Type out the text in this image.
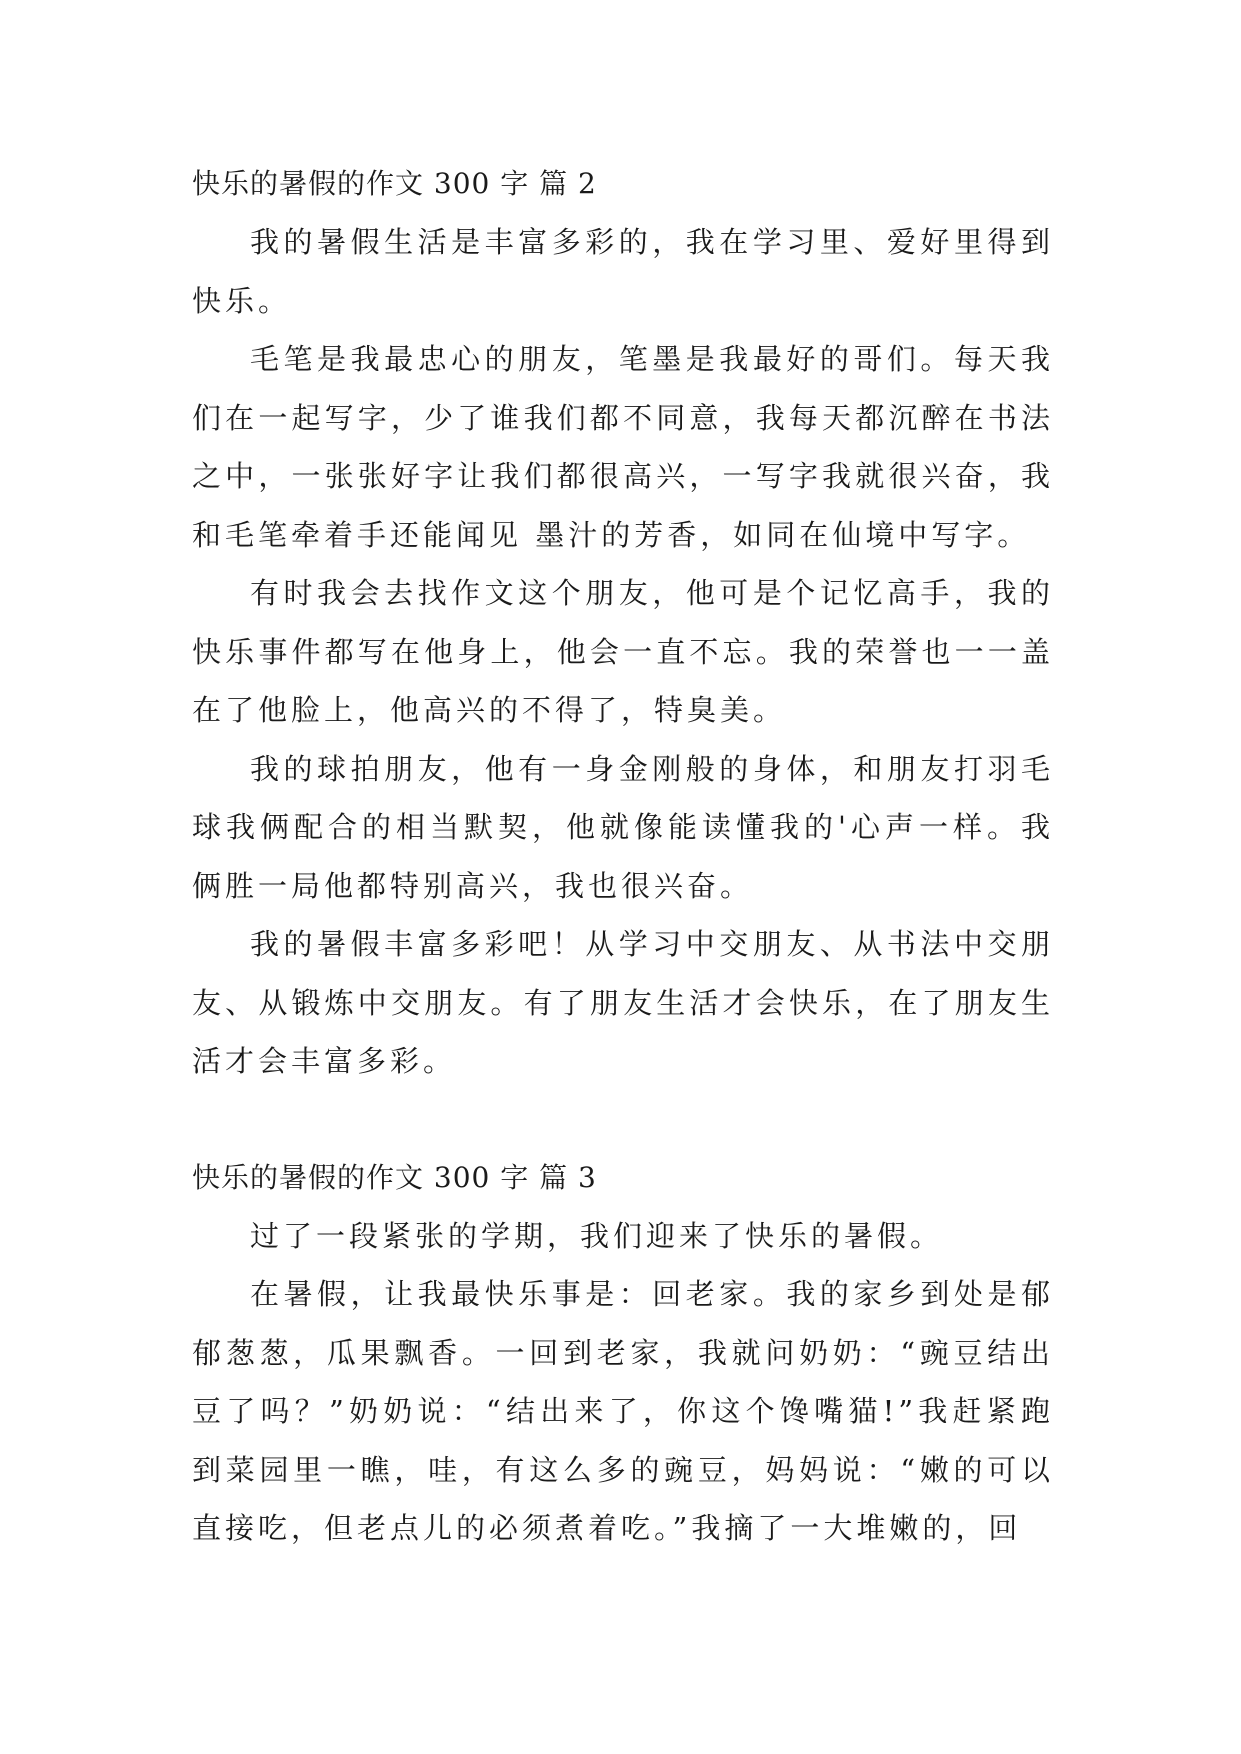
快乐的暑假的作文 300 字 篇 2

我的暑假生活是丰富多彩的，我在学习里、爱好里得到快乐。

毛笔是我最忠心的朋友，笔墨是我最好的哥们。每天我们在一起写字，少了谁我们都不同意，我每天都沉醉在书法之中，一张张好字让我们都很高兴，一写字我就很兴奋，我和毛笔牵着手还能闻见 墨汁的芳香，如同在仙境中写字。

有时我会去找作文这个朋友，他可是个记忆高手，我的快乐事件都写在他身上，他会一直不忘。我的荣誉也一一盖在了他脸上，他高兴的不得了，特臭美。

我的球拍朋友，他有一身金刚般的身体，和朋友打羽毛球我俩配合的相当默契，他就像能读懂我的'心声一样。我俩胜一局他都特别高兴，我也很兴奋。

我的暑假丰富多彩吧！从学习中交朋友、从书法中交朋友、从锻炼中交朋友。有了朋友生活才会快乐，在了朋友生活才会丰富多彩。

快乐的暑假的作文 300 字 篇 3

过了一段紧张的学期，我们迎来了快乐的暑假。

在暑假，让我最快乐事是：回老家。我的家乡到处是郁郁葱葱，瓜果飘香。一回到老家，我就问奶奶：“豌豆结出豆了吗？”奶奶说：“结出来了，你这个馋嘴猫!”我赶紧跑到菜园里一瞧，哇，有这么多的豌豆，妈妈说：“嫩的可以直接吃，但老点儿的必须煮着吃。”我摘了一大堆嫩的，回
